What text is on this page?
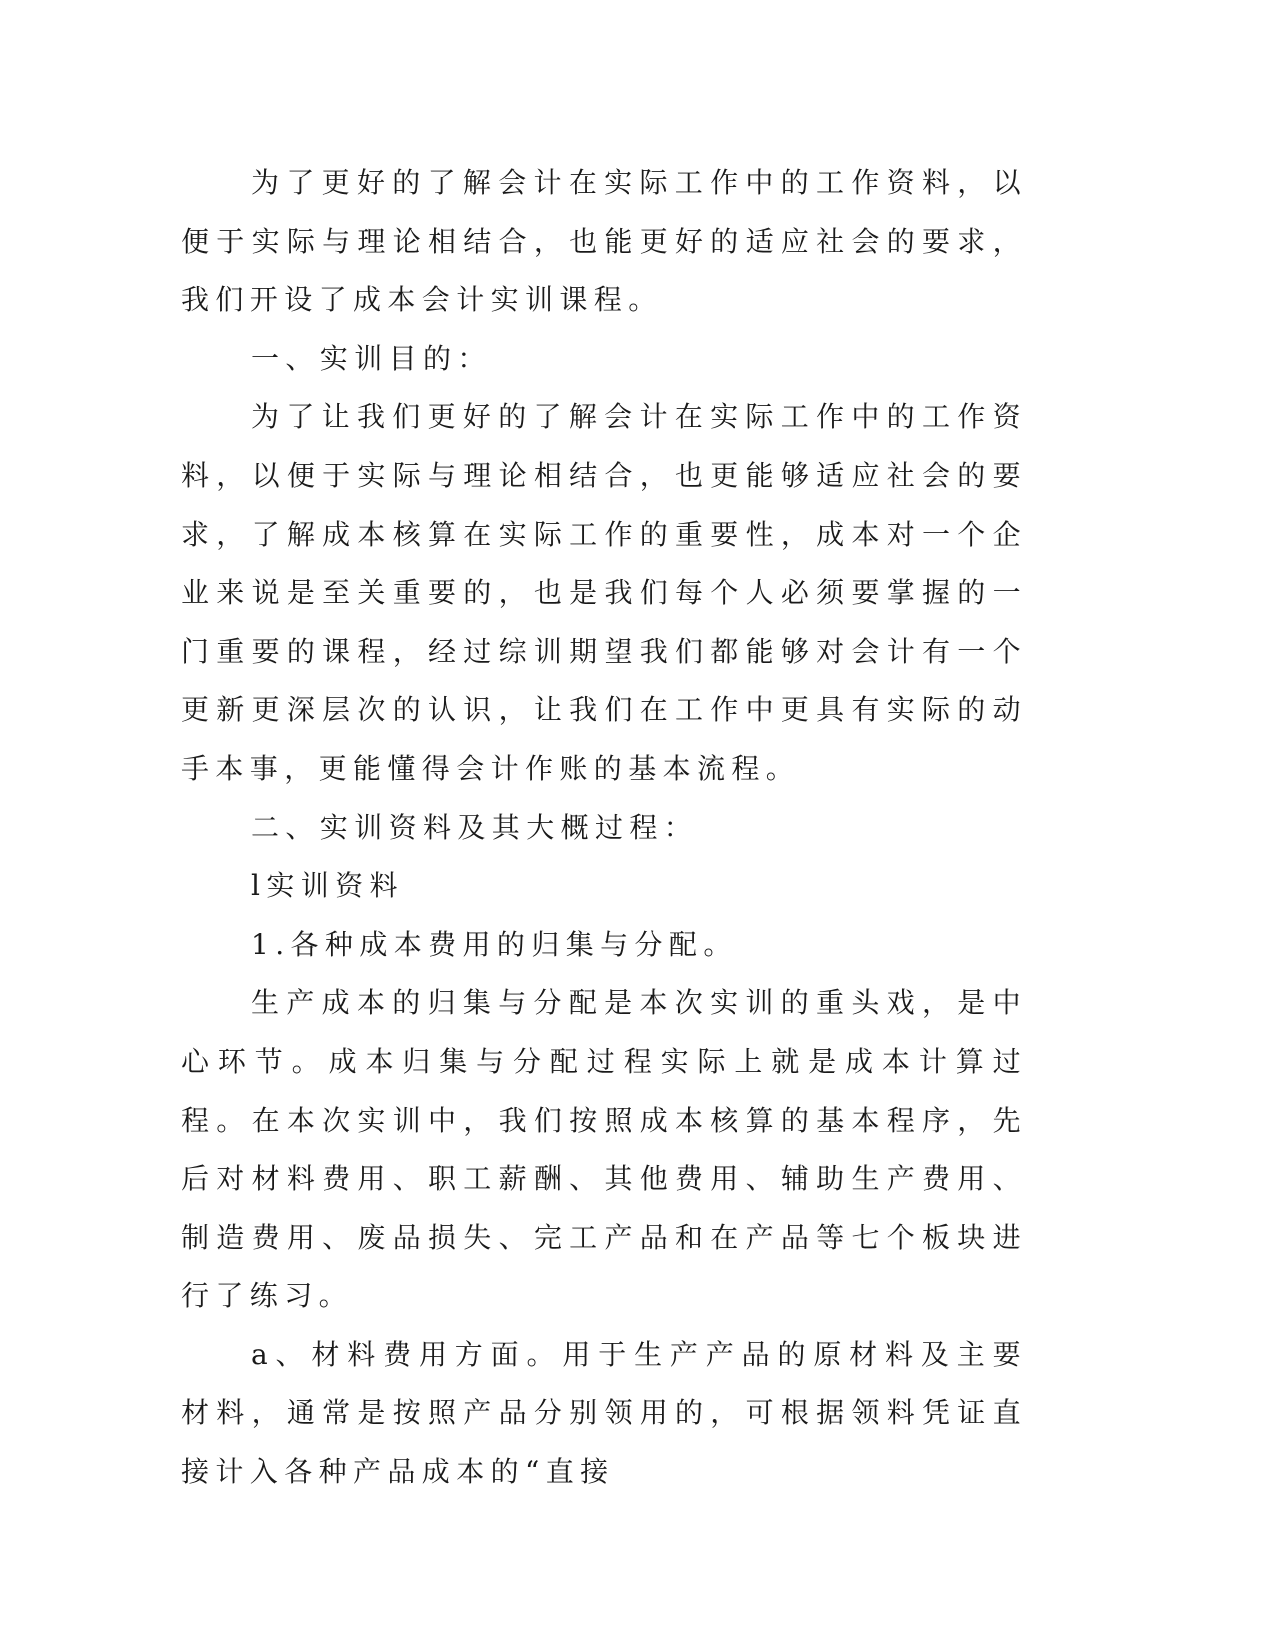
为了更好的了解会计在实际工作中的工作资料，以便于实际与理论相结合，也能更好的适应社会的要求，我们开设了成本会计实训课程。

一、实训目的：

为了让我们更好的了解会计在实际工作中的工作资料，以便于实际与理论相结合，也更能够适应社会的要求，了解成本核算在实际工作的重要性，成本对一个企业来说是至关重要的，也是我们每个人必须要掌握的一门重要的课程，经过综训期望我们都能够对会计有一个更新更深层次的认识，让我们在工作中更具有实际的动手本事，更能懂得会计作账的基本流程。

二、实训资料及其大概过程：

l实训资料

1.各种成本费用的归集与分配。

生产成本的归集与分配是本次实训的重头戏，是中心环节。成本归集与分配过程实际上就是成本计算过程。在本次实训中，我们按照成本核算的基本程序，先后对材料费用、职工薪酬、其他费用、辅助生产费用、制造费用、废品损失、完工产品和在产品等七个板块进行了练习。

a、材料费用方面。用于生产产品的原材料及主要材料，通常是按照产品分别领用的，可根据领料凭证直接计入各种产品成本的“直接
